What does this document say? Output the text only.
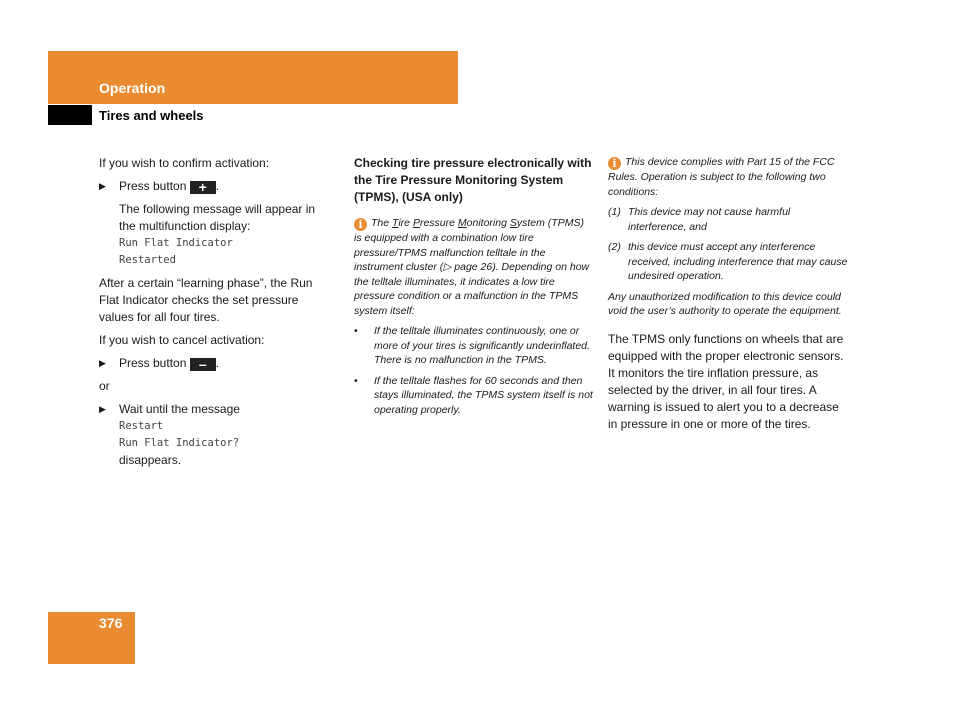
Operation
Tires and wheels

If you wish to confirm activation:

▶ Press button + .
The following message will appear in the multifunction display:
Run Flat Indicator
Restarted

After a certain “learning phase”, the Run Flat Indicator checks the set pressure values for all four tires.

If you wish to cancel activation:

▶ Press button – .

or

▶ Wait until the message
Restart
Run Flat Indicator?
disappears.

Checking tire pressure electronically with the Tire Pressure Monitoring System (TPMS), (USA only)

i The Tire Pressure Monitoring System (TPMS) is equipped with a combination low tire pressure/TPMS malfunction telltale in the instrument cluster (▷ page 26). Depending on how the telltale illuminates, it indicates a low tire pressure condition or a malfunction in the TPMS system itself:

• If the telltale illuminates continuously, one or more of your tires is significantly underinflated. There is no malfunction in the TPMS.
• If the telltale flashes for 60 seconds and then stays illuminated, the TPMS system itself is not operating properly.

i This device complies with Part 15 of the FCC Rules. Operation is subject to the following two conditions:

(1) This device may not cause harmful interference, and
(2) this device must accept any interference received, including interference that may cause undesired operation.

Any unauthorized modification to this device could void the user’s authority to operate the equipment.

The TPMS only functions on wheels that are equipped with the proper electronic sensors. It monitors the tire inflation pressure, as selected by the driver, in all four tires. A warning is issued to alert you to a decrease in pressure in one or more of the tires.

376
